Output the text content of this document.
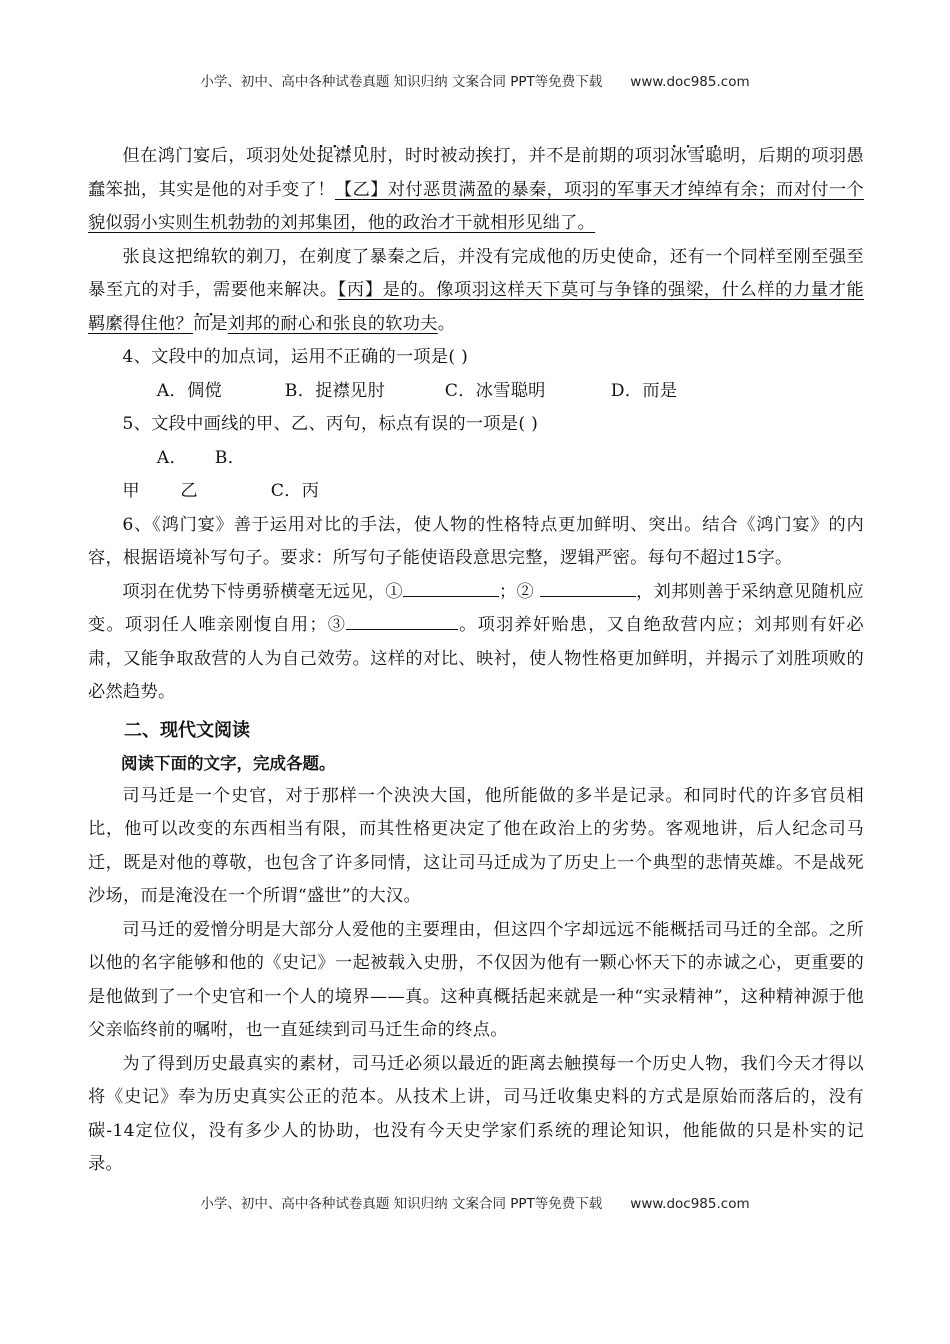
小学、初中、高中各种试卷真题 知识归纳 文案合同 PPT等免费下载 www.doc985.com

但在鸿门宴后，项羽处处· · · · 捉襟见肘，时时被动挨打，并不是前期的项羽· · · · 冰雪聪明，后期的项羽愚蠢笨拙，其实是他的对手变了！【乙】对付恶贯满盈的暴秦，项羽的军事天才绰绰有余；而对付一个貌似弱小实则生机勃勃的刘邦集团，他的政治才干就相形见绌了。

张良这把绵软的剃刀，在剃度了暴秦之后，并没有完成他的历史使命，还有一个同样至刚至强至暴至亢的对手，需要他来解决。【丙】是的。像项羽这样天下莫可与争锋的强梁，什么样的力量才能羁縻得住他？· · 而是刘邦的耐心和张良的软功夫。

4、文段中的加点词，运用不正确的一项是( )

A．倜傥	B．捉襟见肘	C．冰雪聪明	D．而是

5、文段中画线的甲、乙、丙句，标点有误的一项是( )

A．甲B．乙	C．丙

6、《鸿门宴》善于运用对比的手法，使人物的性格特点更加鲜明、突出。结合《鸿门宴》的内容，根据语境补写句子。要求：所写句子能使语段意思完整，逻辑严密。每句不超过15字。

项羽在优势下恃勇骄横毫无远见，①	；②	，刘邦则善于采纳意见随机应变。项羽任人唯亲刚愎自用；③	。项羽养奸贻患，又自绝敌营内应；刘邦则有奸必肃，又能争取敌营的人为自己效劳。这样的对比、映衬，使人物性格更加鲜明，并揭示了刘胜项败的必然趋势。

二、现代文阅读

阅读下面的文字，完成各题。

司马迁是一个史官，对于那样一个泱泱大国，他所能做的多半是记录。和同时代的许多官员相比，他可以改变的东西相当有限，而其性格更决定了他在政治上的劣势。客观地讲，后人纪念司马迁，既是对他的尊敬，也包含了许多同情，这让司马迁成为了历史上一个典型的悲情英雄。不是战死沙场，而是淹没在一个所谓“盛世”的大汉。

司马迁的爱憎分明是大部分人爱他的主要理由，但这四个字却远远不能概括司马迁的全部。之所以他的名字能够和他的《史记》一起被载入史册，不仅因为他有一颗心怀天下的赤诚之心，更重要的是他做到了一个史官和一个人的境界——真。这种真概括起来就是一种“实录精神”，这种精神源于他父亲临终前的嘱咐，也一直延续到司马迁生命的终点。

为了得到历史最真实的素材，司马迁必须以最近的距离去触摸每一个历史人物，我们今天才得以将《史记》奉为历史真实公正的范本。从技术上讲，司马迁收集史料的方式是原始而落后的，没有碳-14定位仪，没有多少人的协助，也没有今天史学家们系统的理论知识，他能做的只是朴实的记录。

小学、初中、高中各种试卷真题 知识归纳 文案合同 PPT等免费下载 www.doc985.com
